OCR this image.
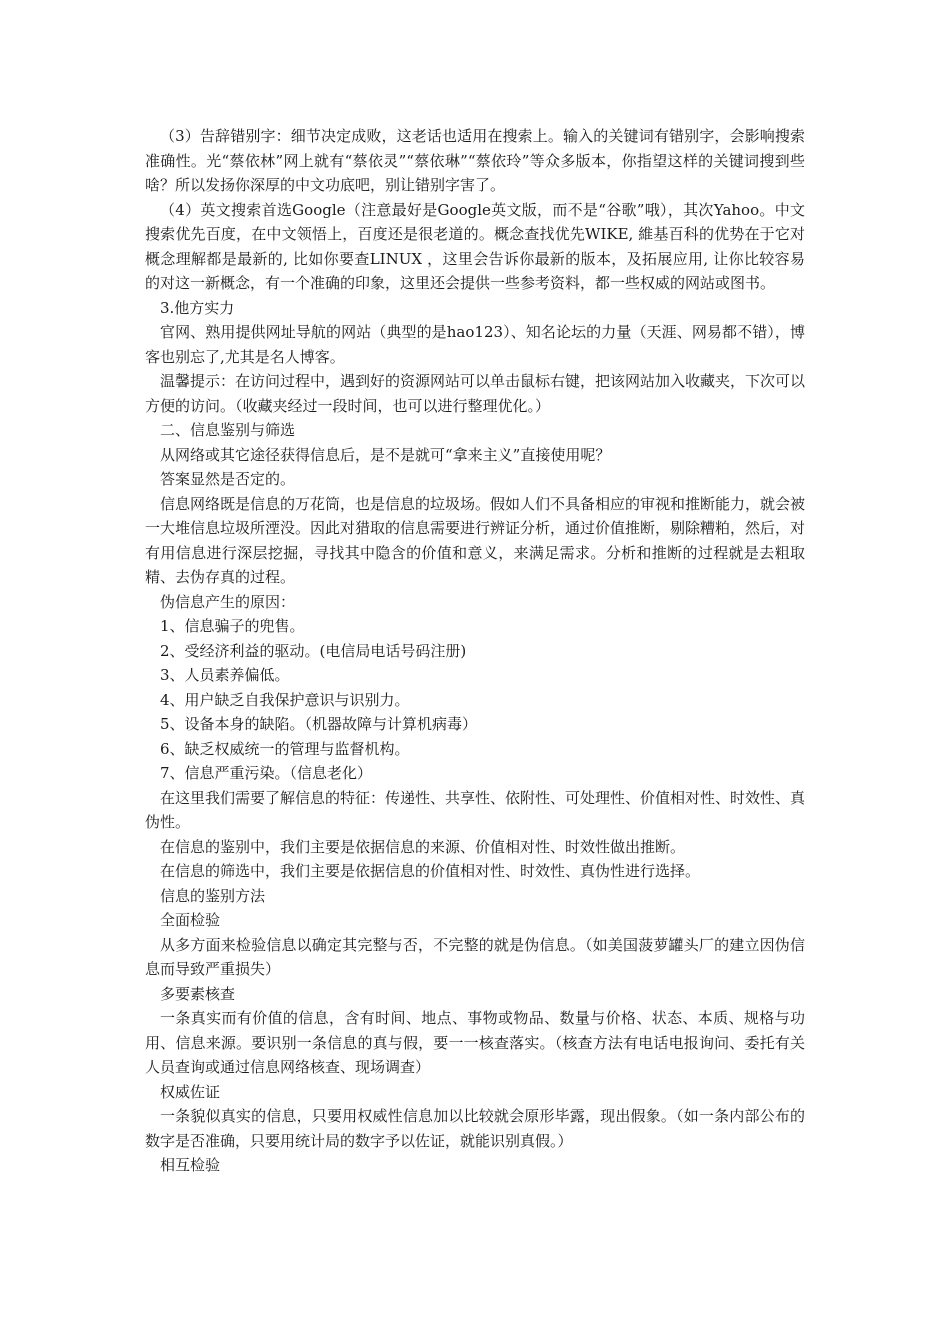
（3）告辞错别字：细节决定成败，这老话也适用在搜索上。输入的关键词有错别字，会影响搜索准确性。光“蔡依林”网上就有“蔡依灵”“蔡依琳”“蔡依玲”等众多版本，你指望这样的关键词搜到些啥？所以发扬你深厚的中文功底吧，别让错别字害了。

（4）英文搜索首选Google（注意最好是Google英文版，而不是“谷歌”哦），其次Yahoo。中文搜索优先百度，在中文领悟上，百度还是很老道的。概念查找优先WIKE, 維基百科的优势在于它对概念理解都是最新的, 比如你要查LINUX ，这里会告诉你最新的版本，及拓展应用, 让你比较容易的对这一新概念，有一个准确的印象，这里还会提供一些参考资料，都一些权威的网站或图书。

3.他方实力

官网、熟用提供网址导航的网站（典型的是hao123）、知名论坛的力量（天涯、网易都不错），博客也别忘了,尤其是名人博客。

温馨提示：在访问过程中，遇到好的资源网站可以单击鼠标右键，把该网站加入收藏夹，下次可以方便的访问。（收藏夹经过一段时间，也可以进行整理优化。）

二、信息鉴别与筛选

从网络或其它途径获得信息后，是不是就可“拿来主义”直接使用呢？

答案显然是否定的。

信息网络既是信息的万花筒，也是信息的垃圾场。假如人们不具备相应的审视和推断能力，就会被一大堆信息垃圾所湮没。因此对猎取的信息需要进行辨证分析，通过价值推断，剔除糟粕，然后，对有用信息进行深层挖掘，寻找其中隐含的价值和意义，来满足需求。分析和推断的过程就是去粗取精、去伪存真的过程。

伪信息产生的原因：

1、信息骗子的兜售。

2、受经济利益的驱动。(电信局电话号码注册)

3、人员素养偏低。

4、用户缺乏自我保护意识与识别力。

5、设备本身的缺陷。（机器故障与计算机病毒）

6、缺乏权威统一的管理与监督机构。

7、信息严重污染。（信息老化）

在这里我们需要了解信息的特征：传递性、共享性、依附性、可处理性、价值相对性、时效性、真伪性。

在信息的鉴别中，我们主要是依据信息的来源、价值相对性、时效性做出推断。

在信息的筛选中，我们主要是依据信息的价值相对性、时效性、真伪性进行选择。

信息的鉴别方法

全面检验

从多方面来检验信息以确定其完整与否，不完整的就是伪信息。（如美国菠萝罐头厂的建立因伪信息而导致严重损失）

多要素核查

一条真实而有价值的信息，含有时间、地点、事物或物品、数量与价格、状态、本质、规格与功用、信息来源。要识别一条信息的真与假，要一一核查落实。（核查方法有电话电报询问、委托有关人员查询或通过信息网络核查、现场调查）

权威佐证

一条貌似真实的信息，只要用权威性信息加以比较就会原形毕露，现出假象。（如一条内部公布的数字是否准确，只要用统计局的数字予以佐证，就能识别真假。）

相互检验
